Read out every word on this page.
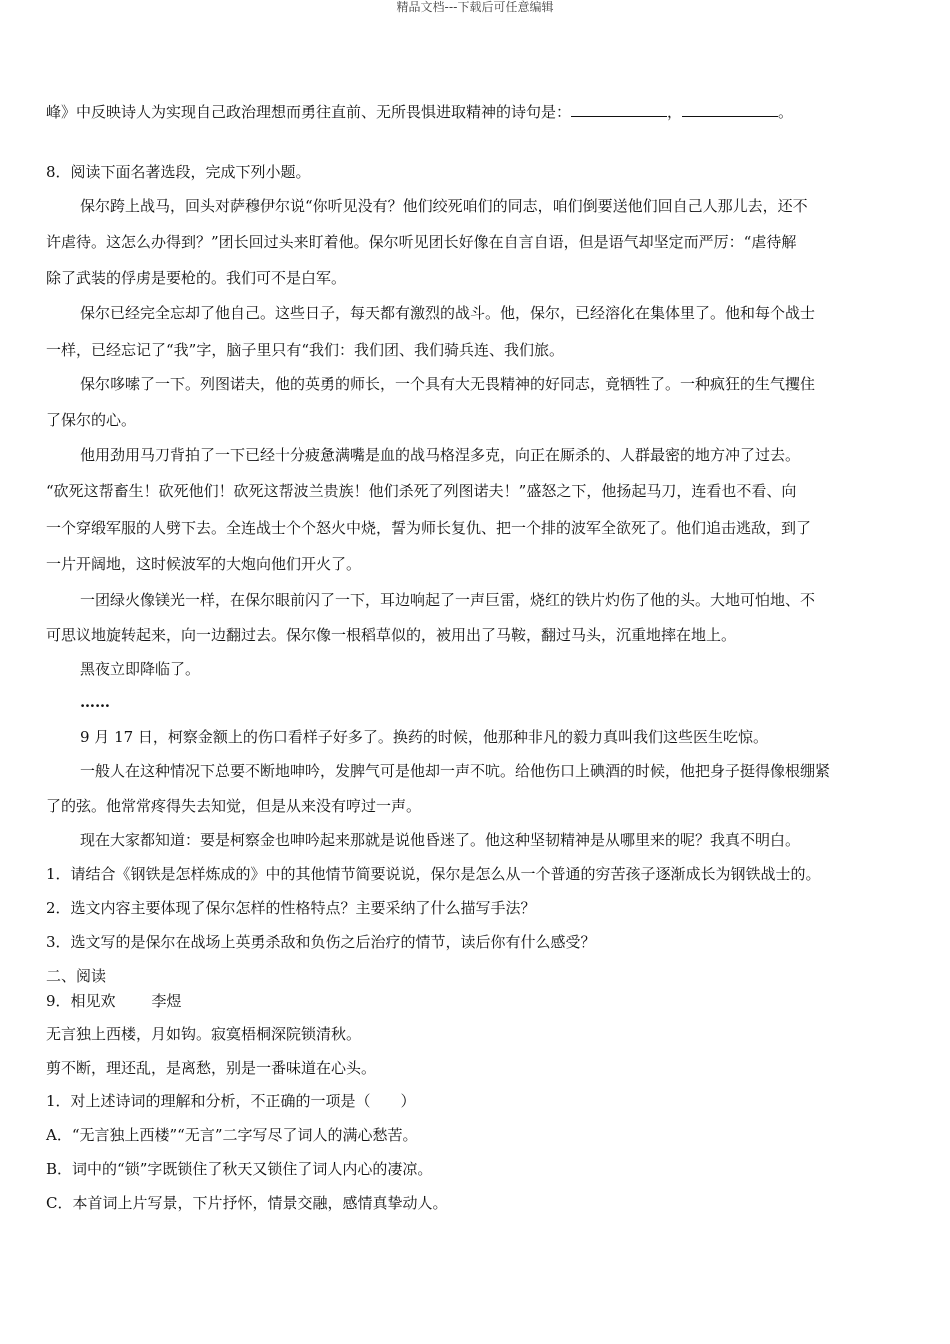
精品文档---下载后可任意编辑
峰》中反映诗人为实现自己政治理想而勇往直前、无所畏惧进取精神的诗句是：	，	。
8．阅读下面名著选段，完成下列小题。
保尔跨上战马，回头对萨穆伊尔说“你听见没有？他们绞死咱们的同志，咱们倒要送他们回自己人那儿去，还不
许虐待。这怎么办得到？”团长回过头来盯着他。保尔听见团长好像在自言自语，但是语气却坚定而严厉：“虐待解
除了武装的俘虏是要枪的。我们可不是白军。
保尔已经完全忘却了他自己。这些日子，每天都有激烈的战斗。他，保尔，已经溶化在集体里了。他和每个战士
一样，已经忘记了“我”字，脑子里只有“我们：我们团、我们骑兵连、我们旅。
保尔哆嗦了一下。列图诺夫，他的英勇的师长，一个具有大无畏精神的好同志，竟牺牲了。一种疯狂的生气攫住
了保尔的心。
他用劲用马刀背拍了一下已经十分疲惫满嘴是血的战马格涅多克，向正在厮杀的、人群最密的地方冲了过去。
“砍死这帮畜生！砍死他们！砍死这帮波兰贵族！他们杀死了列图诺夫！”盛怒之下，他扬起马刀，连看也不看、向
一个穿缎军服的人劈下去。全连战士个个怒火中烧，誓为师长复仇、把一个排的波军全欲死了。他们追击逃敌，到了
一片开阔地，这时候波军的大炮向他们开火了。
一团绿火像镁光一样，在保尔眼前闪了一下，耳边响起了一声巨雷，烧红的铁片灼伤了他的头。大地可怕地、不
可思议地旋转起来，向一边翻过去。保尔像一根稻草似的，被用出了马鞍，翻过马头，沉重地摔在地上。
黑夜立即降临了。
……
9 月 17 日，柯察金额上的伤口看样子好多了。换药的时候，他那种非凡的毅力真叫我们这些医生吃惊。
一般人在这种情况下总要不断地呻吟，发脾气可是他却一声不吭。给他伤口上碘酒的时候，他把身子挺得像根绷紧
了的弦。他常常疼得失去知觉，但是从来没有哼过一声。
现在大家都知道：要是柯察金也呻吟起来那就是说他昏迷了。他这种坚韧精神是从哪里来的呢？我真不明白。
1．请结合《钢铁是怎样炼成的》中的其他情节简要说说，保尔是怎么从一个普通的穷苦孩子逐渐成长为钢铁战士的。
2．选文内容主要体现了保尔怎样的性格特点？主要采纳了什么描写手法？
3．选文写的是保尔在战场上英勇杀敌和负伤之后治疗的情节，读后你有什么感受？
二、阅读
9．相见欢 李煜
无言独上西楼，月如钩。寂寞梧桐深院锁清秋。
剪不断，理还乱，是离愁，别是一番味道在心头。
1．对上述诗词的理解和分析，不正确的一项是（　　）
A．“无言独上西楼”“无言”二字写尽了词人的满心愁苦。
B．词中的“锁”字既锁住了秋天又锁住了词人内心的凄凉。
C．本首词上片写景，下片抒怀，情景交融，感情真挚动人。
